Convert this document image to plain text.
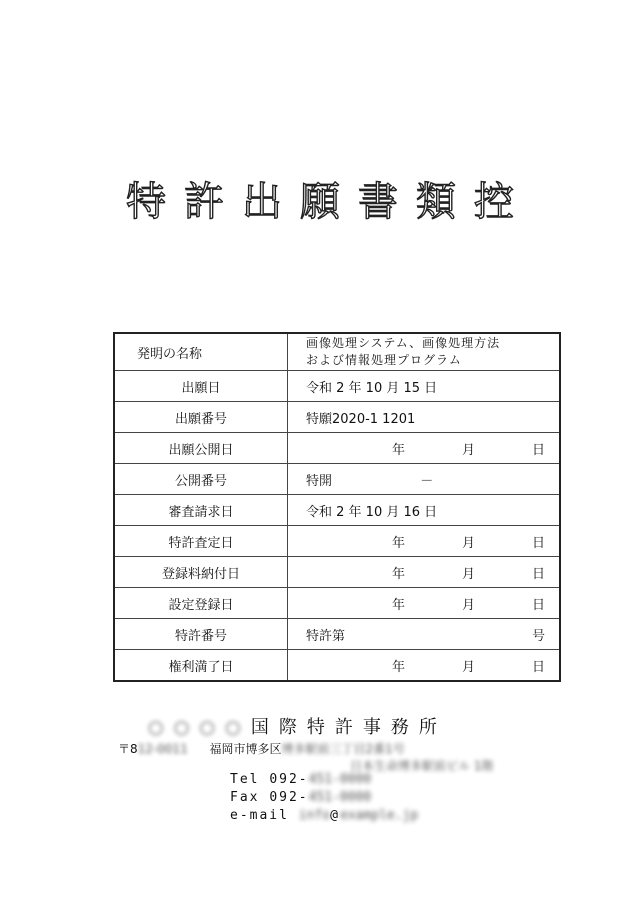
特許出願書類控
発明の名称	画像処理システム、画像処理方法
および情報処理プログラム

出願日	令和 2 年 10 月 15 日
出願番号	特願2020-1 1201
出願公開日	年 月 日

公開番号	特開 －
審査請求日	令和 2 年 10 月 16 日
特許査定日	年 月 日

登録料納付日	年 月 日

設定登録日	年 月 日

特許番号	特許第 号

権利満了日	年 月 日
○○○○国際特許事務所
〒812-0011 福岡市博多区博多駅前三丁目2番1号
日本生命博多駅前ビル 1階
Tel 092-451-0000
Fax 092-451-0000
e-mail info@example.jp
